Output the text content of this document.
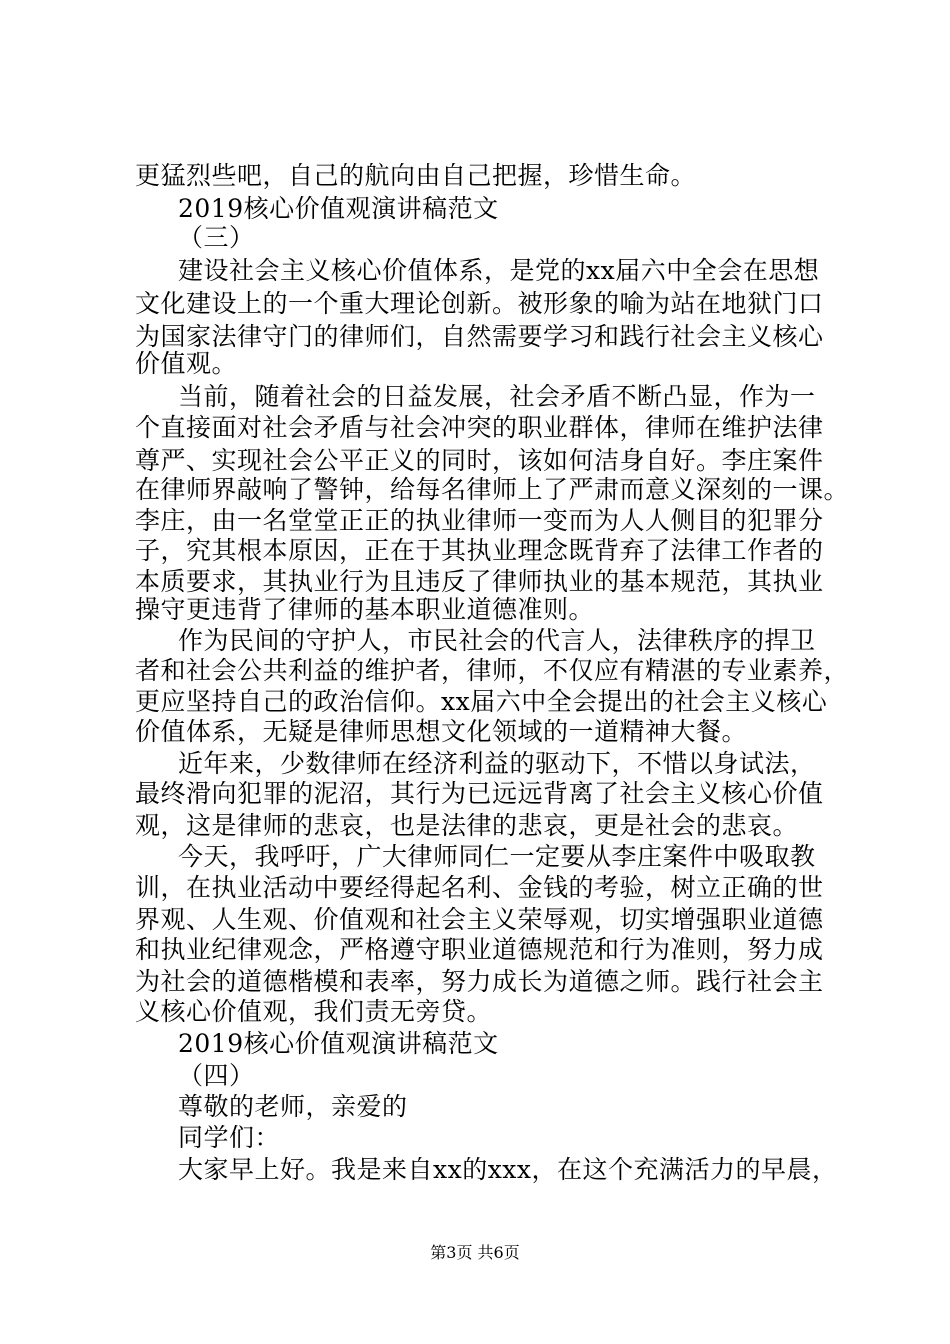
更猛烈些吧，自己的航向由自己把握，珍惜生命。
2019核心价值观演讲稿范文
（三）
建设社会主义核心价值体系，是党的xx届六中全会在思想
文化建设上的一个重大理论创新。被形象的喻为站在地狱门口
为国家法律守门的律师们，自然需要学习和践行社会主义核心
价值观。
当前，随着社会的日益发展，社会矛盾不断凸显，作为一
个直接面对社会矛盾与社会冲突的职业群体，律师在维护法律
尊严、实现社会公平正义的同时，该如何洁身自好。李庄案件
在律师界敲响了警钟，给每名律师上了严肃而意义深刻的一课。
李庄，由一名堂堂正正的执业律师一变而为人人侧目的犯罪分
子，究其根本原因，正在于其执业理念既背弃了法律工作者的
本质要求，其执业行为且违反了律师执业的基本规范，其执业
操守更违背了律师的基本职业道德准则。
作为民间的守护人，市民社会的代言人，法律秩序的捍卫
者和社会公共利益的维护者，律师，不仅应有精湛的专业素养，
更应坚持自己的政治信仰。xx届六中全会提出的社会主义核心
价值体系，无疑是律师思想文化领域的一道精神大餐。
近年来，少数律师在经济利益的驱动下，不惜以身试法，
最终滑向犯罪的泥沼，其行为已远远背离了社会主义核心价值
观，这是律师的悲哀，也是法律的悲哀，更是社会的悲哀。
今天，我呼吁，广大律师同仁一定要从李庄案件中吸取教
训，在执业活动中要经得起名利、金钱的考验，树立正确的世
界观、人生观、价值观和社会主义荣辱观，切实增强职业道德
和执业纪律观念，严格遵守职业道德规范和行为准则，努力成
为社会的道德楷模和表率，努力成长为道德之师。践行社会主
义核心价值观，我们责无旁贷。
2019核心价值观演讲稿范文
（四）
尊敬的老师，亲爱的
同学们：
大家早上好。我是来自xx的xxx，在这个充满活力的早晨，
第3页 共6页
